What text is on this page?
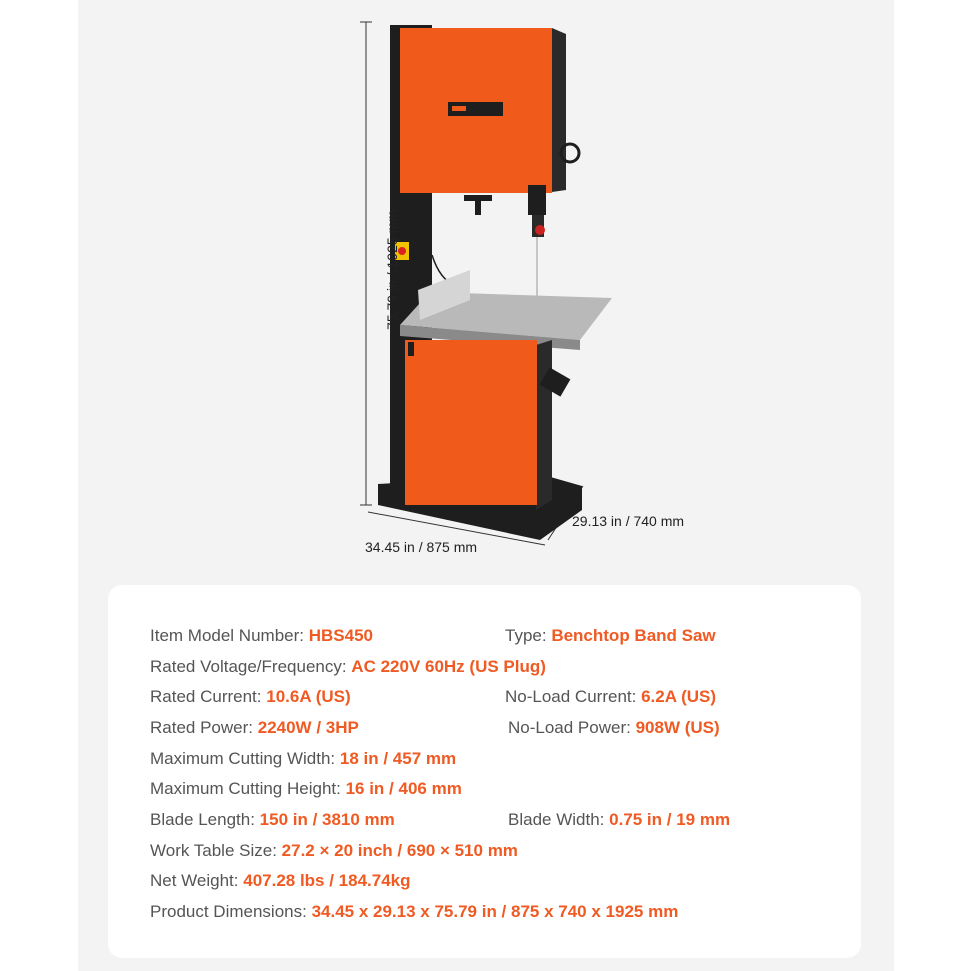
75.79 in / 1925 mm
29.13 in / 740 mm
34.45 in / 875 mm
Item Model Number: HBS450	Type: Benchtop Band Saw
Rated Voltage/Frequency: AC 220V 60Hz (US Plug)
Rated Current: 10.6A (US)	No-Load Current: 6.2A (US)
Rated Power: 2240W / 3HP	No-Load Power: 908W (US)
Maximum Cutting Width: 18 in / 457 mm
Maximum Cutting Height: 16 in / 406 mm
Blade Length: 150 in / 3810 mm	Blade Width: 0.75 in / 19 mm
Work Table Size: 27.2 × 20 inch / 690 × 510 mm
Net Weight: 407.28 lbs / 184.74kg
Product Dimensions: 34.45 x 29.13 x 75.79 in / 875 x 740 x 1925 mm
